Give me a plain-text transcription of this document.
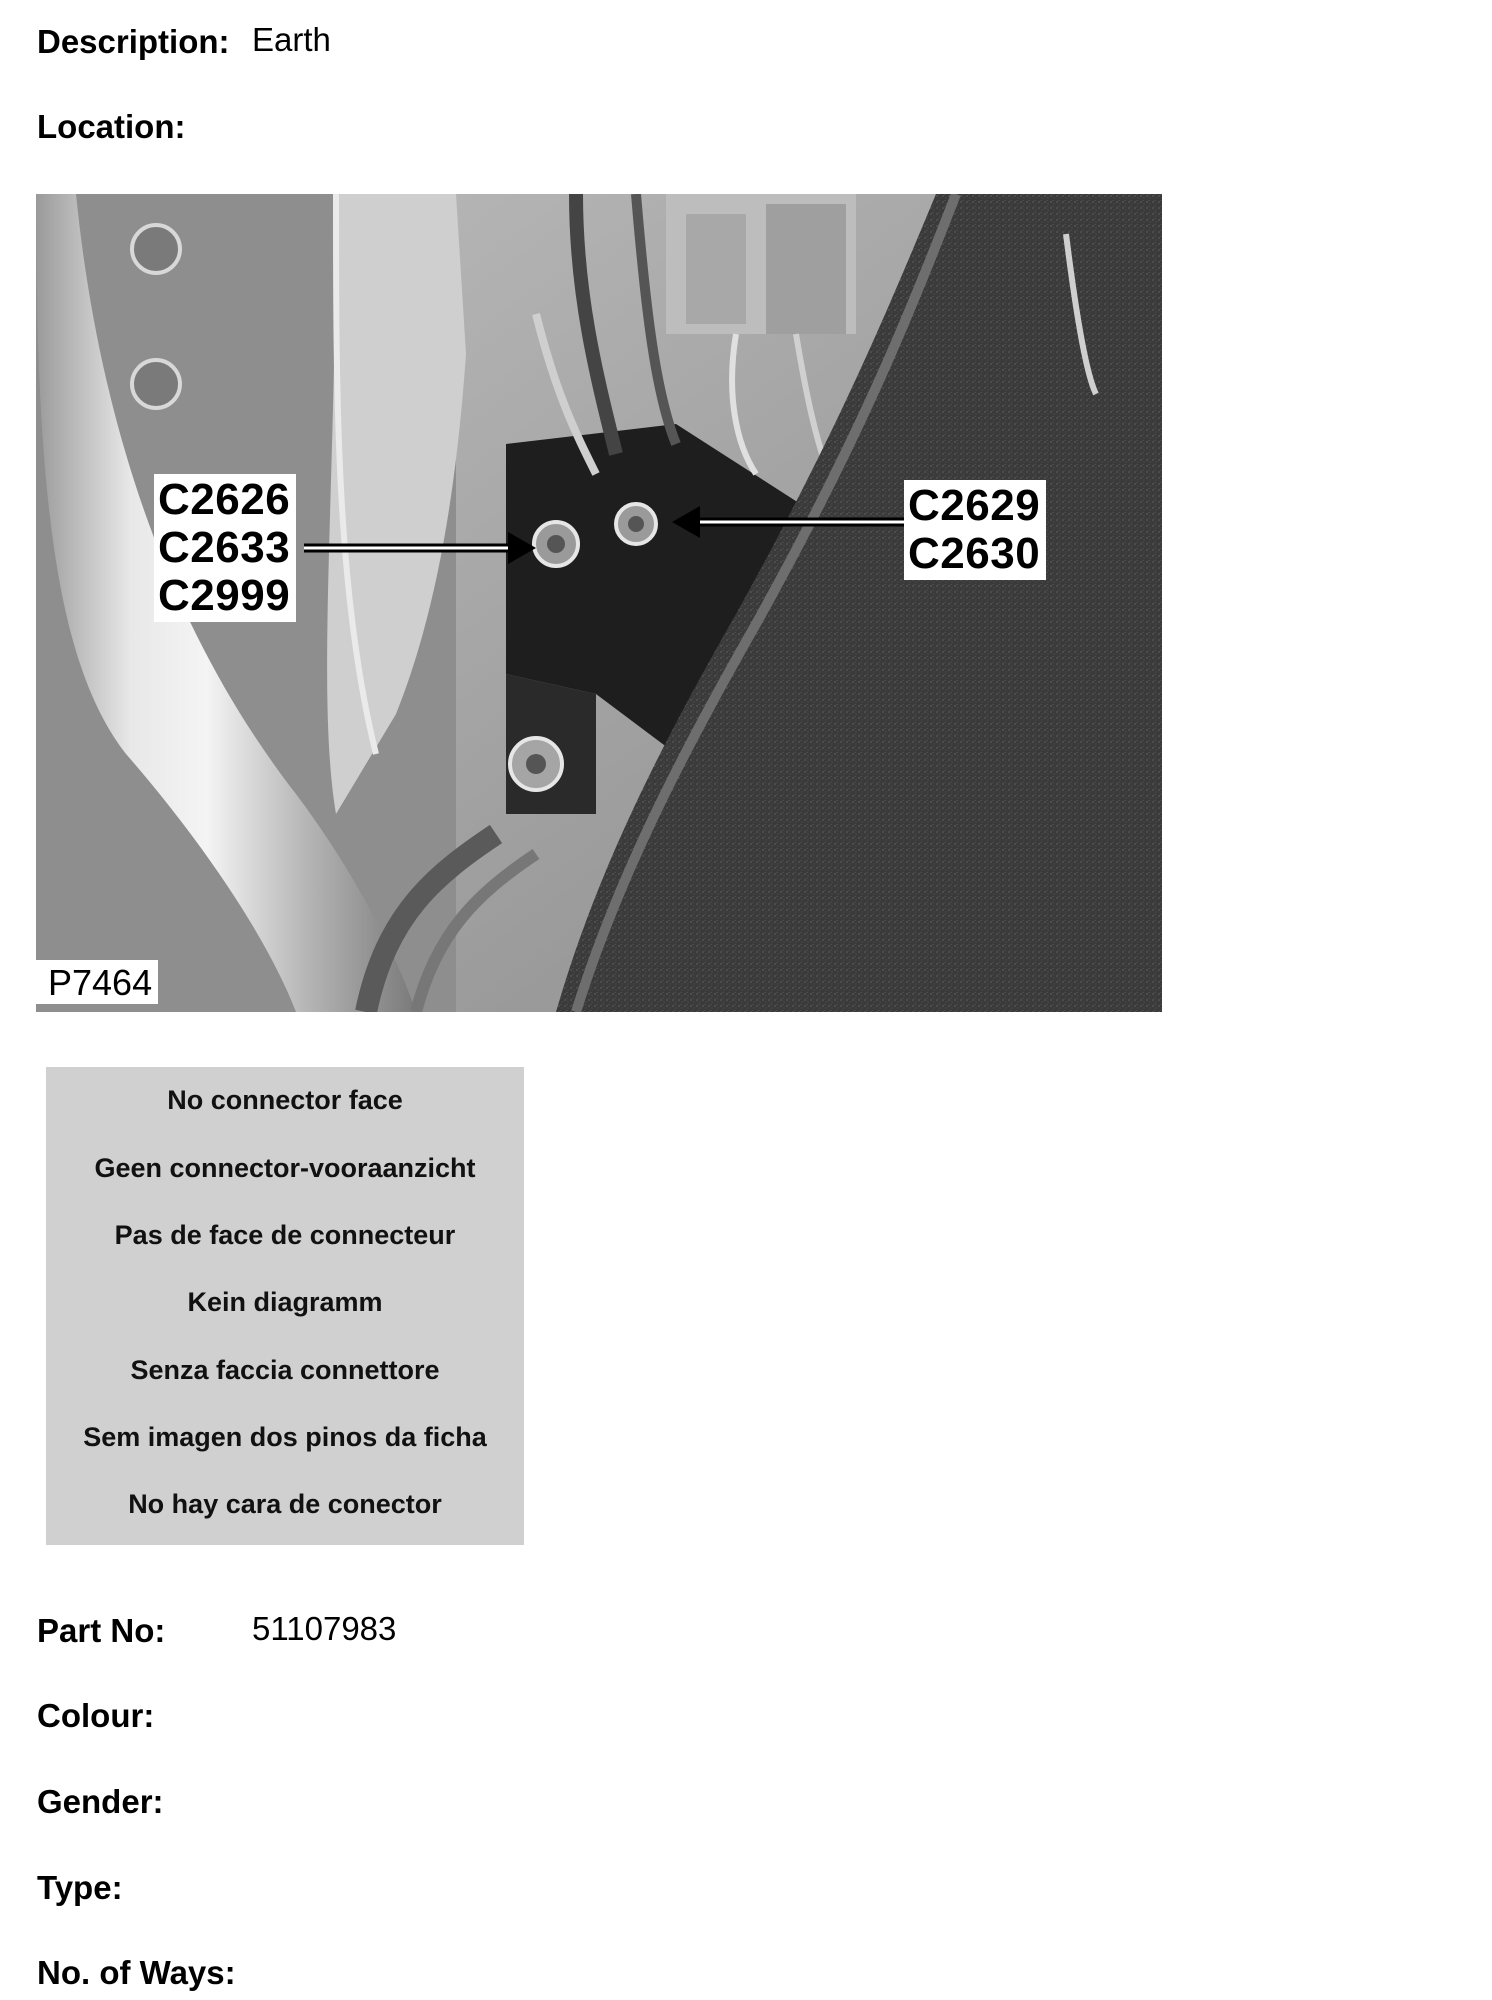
Description: Earth
Location:
C2626
C2633
C2999
C2629
C2630
P7464
No connector face
Geen connector-vooraanzicht
Pas de face de connecteur
Kein diagramm
Senza faccia connettore
Sem imagen dos pinos da ficha
No hay cara de conector
Part No:	51107983
Colour:
Gender:
Type:
No. of Ways:
